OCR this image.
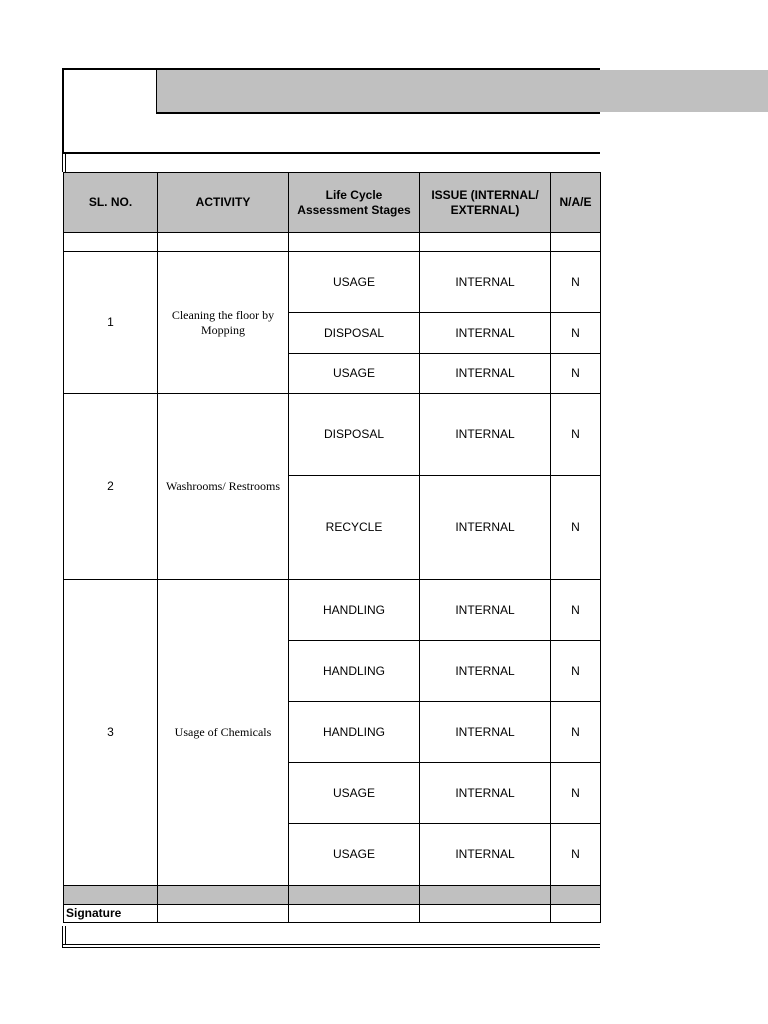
SL. NO.	ACTIVITY	Life Cycle Assessment Stages	ISSUE (INTERNAL/ EXTERNAL)	N/A/E

1	Cleaning the floor by Mopping	USAGE	INTERNAL	N
		DISPOSAL	INTERNAL	N
		USAGE	INTERNAL	N
2	Washrooms/ Restrooms	DISPOSAL	INTERNAL	N
		RECYCLE	INTERNAL	N
3	Usage of Chemicals	HANDLING	INTERNAL	N
		HANDLING	INTERNAL	N
		HANDLING	INTERNAL	N
		USAGE	INTERNAL	N
		USAGE	INTERNAL	N

Signature				
